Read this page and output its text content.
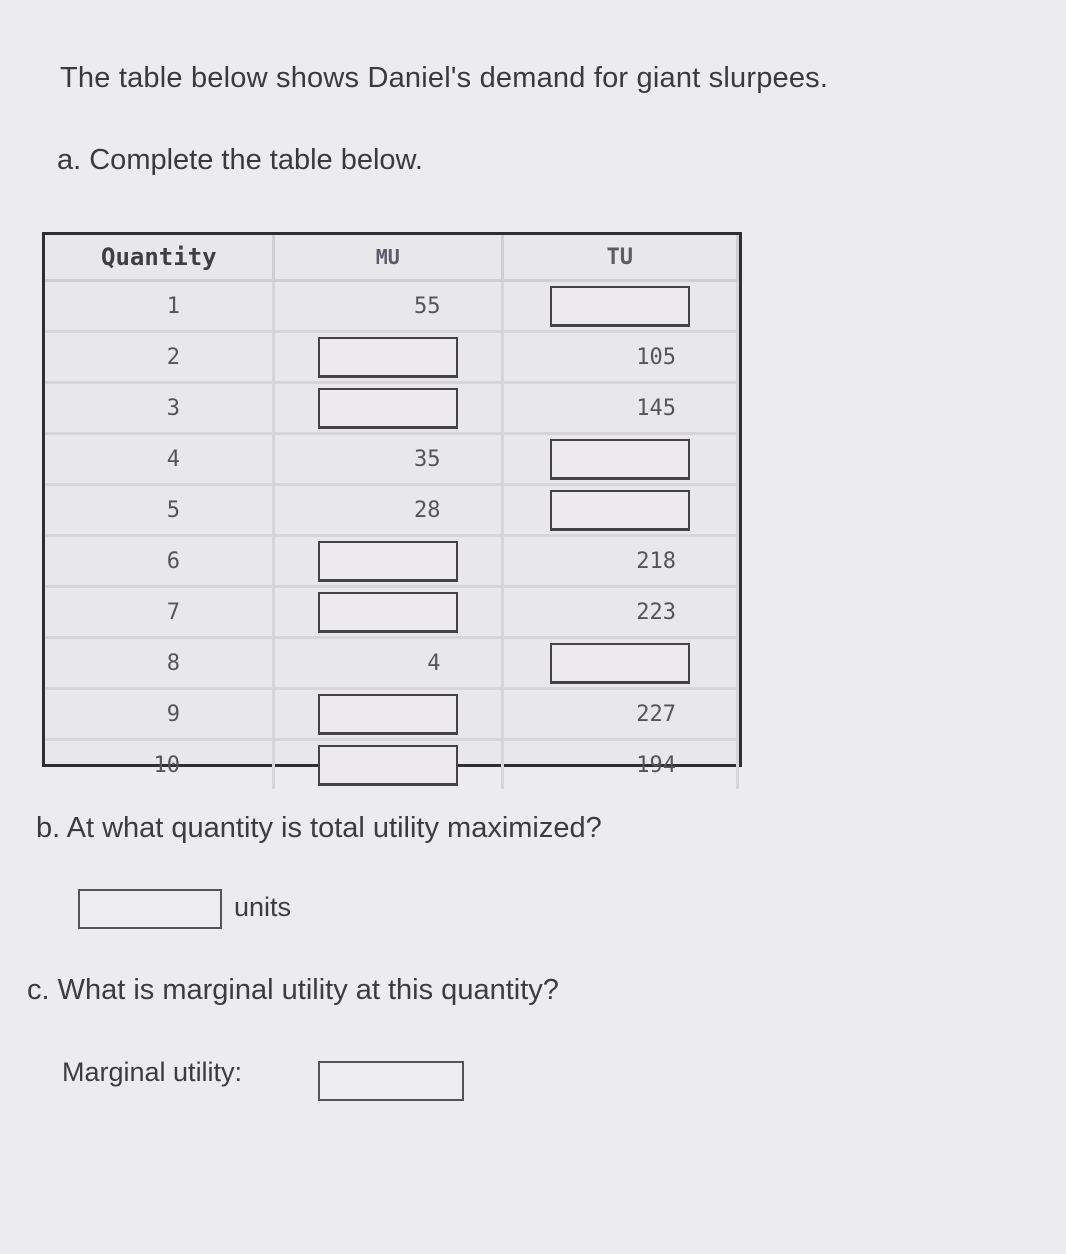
The table below shows Daniel's demand for giant slurpees.
a. Complete the table below.
Quantity	MU	TU
1	55	
2		105
3		145
4	35	
5	28	
6		218
7		223
8	4	
9		227
10		194
b. At what quantity is total utility maximized?
units
c. What is marginal utility at this quantity?
Marginal utility:
